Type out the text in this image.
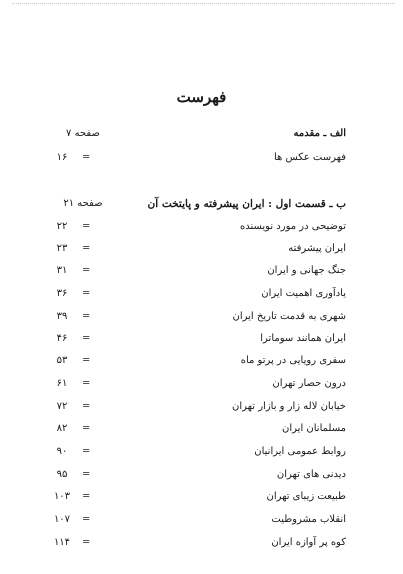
فهرست
الف ـ مقدمه
صفحه ۷
فهرست عکس ها
=
۱۶
ب ـ قسمت اول : ایران پیشرفته و پایتخت آن
صفحه ۲۱
توضیحی در مورد نویسنده
=
۲۲
ایران پیشرفته
=
۲۳
جنگ جهانی و ایران
=
۳۱
یادآوری اهمیت ایران
=
۳۶
شهری به قدمت تاریخ ایران
=
۳۹
ایران همانند سوماترا
=
۴۶
سفری رویایی در پرتو ماه
=
۵۳
درون حصار تهران
=
۶۱
خیابان لاله زار و بازار تهران
=
۷۲
مسلمانان ایران
=
۸۲
روابط عمومی ایرانیان
=
۹۰
دیدنی های تهران
=
۹۵
طبیعت زیبای تهران
=
۱۰۳
انقلاب مشروطیت
=
۱۰۷
کوه پر آوازه ایران
=
۱۱۴
